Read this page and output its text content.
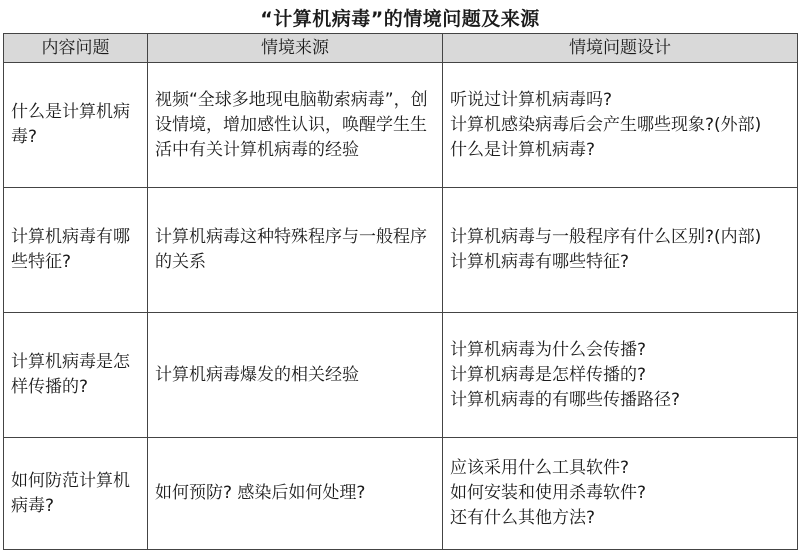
“计算机病毒”的情境问题及来源
内容问题	情境来源	情境问题设计
什么是计算机病毒?	视频“全球多地现电脑勒索病毒”，创设情境，增加感性认识，唤醒学生生活中有关计算机病毒的经验	听说过计算机病毒吗?
计算机感染病毒后会产生哪些现象?(外部)
什么是计算机病毒?

计算机病毒有哪些特征?	计算机病毒这种特殊程序与一般程序的关系	计算机病毒与一般程序有什么区别?(内部)
计算机病毒有哪些特征?

计算机病毒是怎样传播的?	计算机病毒爆发的相关经验	计算机病毒为什么会传播?
计算机病毒是怎样传播的?
计算机病毒的有哪些传播路径?

如何防范计算机病毒?	如何预防? 感染后如何处理?	应该采用什么工具软件?
如何安装和使用杀毒软件?
还有什么其他方法?
